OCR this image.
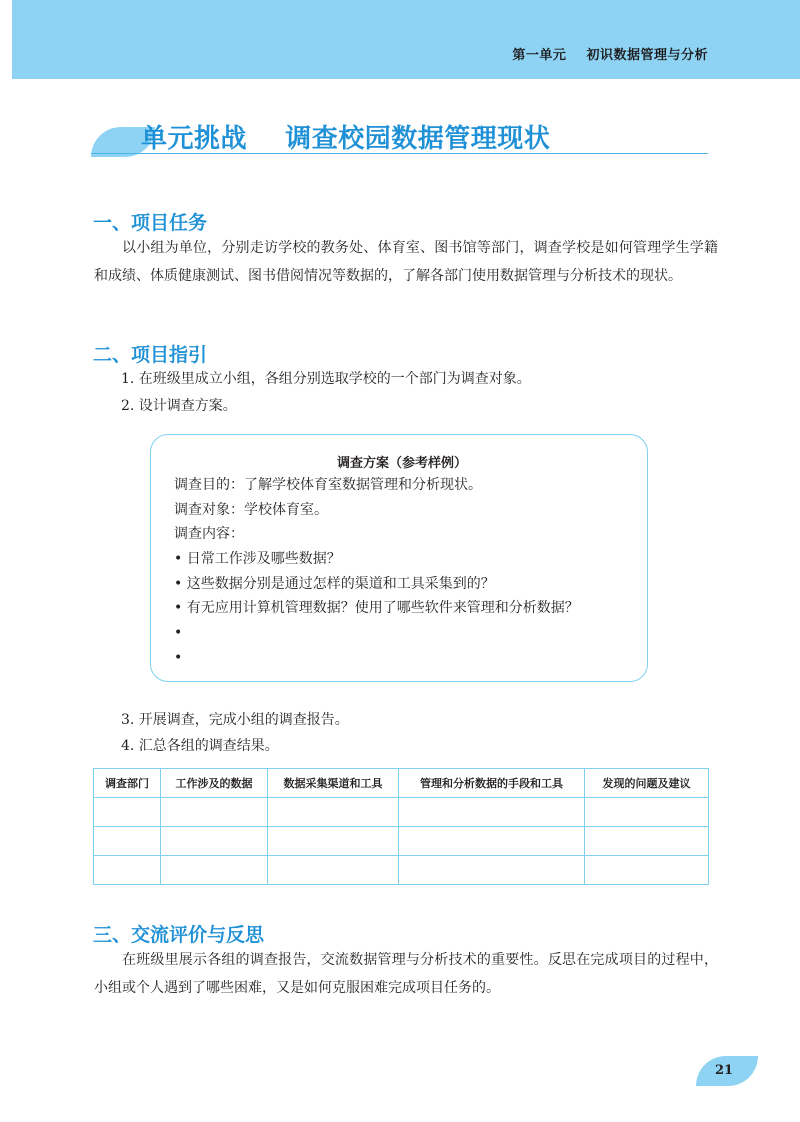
第一单元    初识数据管理与分析
单元挑战 调查校园数据管理现状
一、项目任务
以小组为单位，分别走访学校的教务处、体育室、图书馆等部门，调查学校是如何管理学生学籍和成绩、体质健康测试、图书借阅情况等数据的，了解各部门使用数据管理与分析技术的现状。
二、项目指引
1. 在班级里成立小组，各组分别选取学校的一个部门为调查对象。
2. 设计调查方案。
调查方案（参考样例）
调查目的：了解学校体育室数据管理和分析现状。
调查对象：学校体育室。
调查内容：
• 日常工作涉及哪些数据？
• 这些数据分别是通过怎样的渠道和工具采集到的？
• 有无应用计算机管理数据？使用了哪些软件来管理和分析数据？
•
•
3. 开展调查，完成小组的调查报告。
4. 汇总各组的调查结果。
调查部门	工作涉及的数据	数据采集渠道和工具	管理和分析数据的手段和工具	发现的问题及建议

三、交流评价与反思
在班级里展示各组的调查报告，交流数据管理与分析技术的重要性。反思在完成项目的过程中，小组或个人遇到了哪些困难，又是如何克服困难完成项目任务的。
21
